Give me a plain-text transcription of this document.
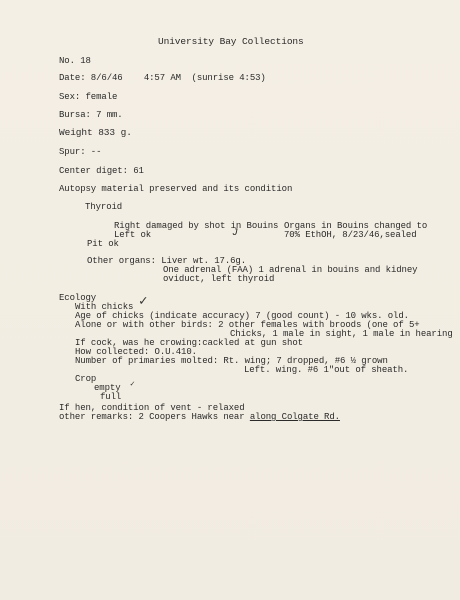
University Bay Collections
No. 18
Date: 8/6/46    4:57 AM  (sunrise 4:53)
Sex: female
Bursa: 7 mm.
Weight 833 g.
Spur: --
Center diget: 61
Autopsy material preserved and its condition
Thyroid
Right damaged by shot in Bouins
Left ok	J
Organs in Bouins changed to
70% EthOH, 8/23/46,sealed
Pit ok
Other organs: Liver wt. 17.6g.
One adrenal (FAA) 1 adrenal in bouins and kidney
oviduct, left thyroid
Ecology
With chicks ✓
Age of chicks (indicate accuracy) 7 (good count) - 10 wks. old.
Alone or with other birds: 2 other females with broods (one of 5+
Chicks, 1 male in sight, 1 male in hearing
If cock, was he crowing:cackled at gun shot
How collected: O.U.410.
Number of primaries molted: Rt. wing; 7 dropped, #6 ½ grown
Left. wing. #6 1"out of sheath.
Crop
empty ✓
full
If hen, condition of vent - relaxed
other remarks: 2 Coopers Hawks near along Colgate Rd.
